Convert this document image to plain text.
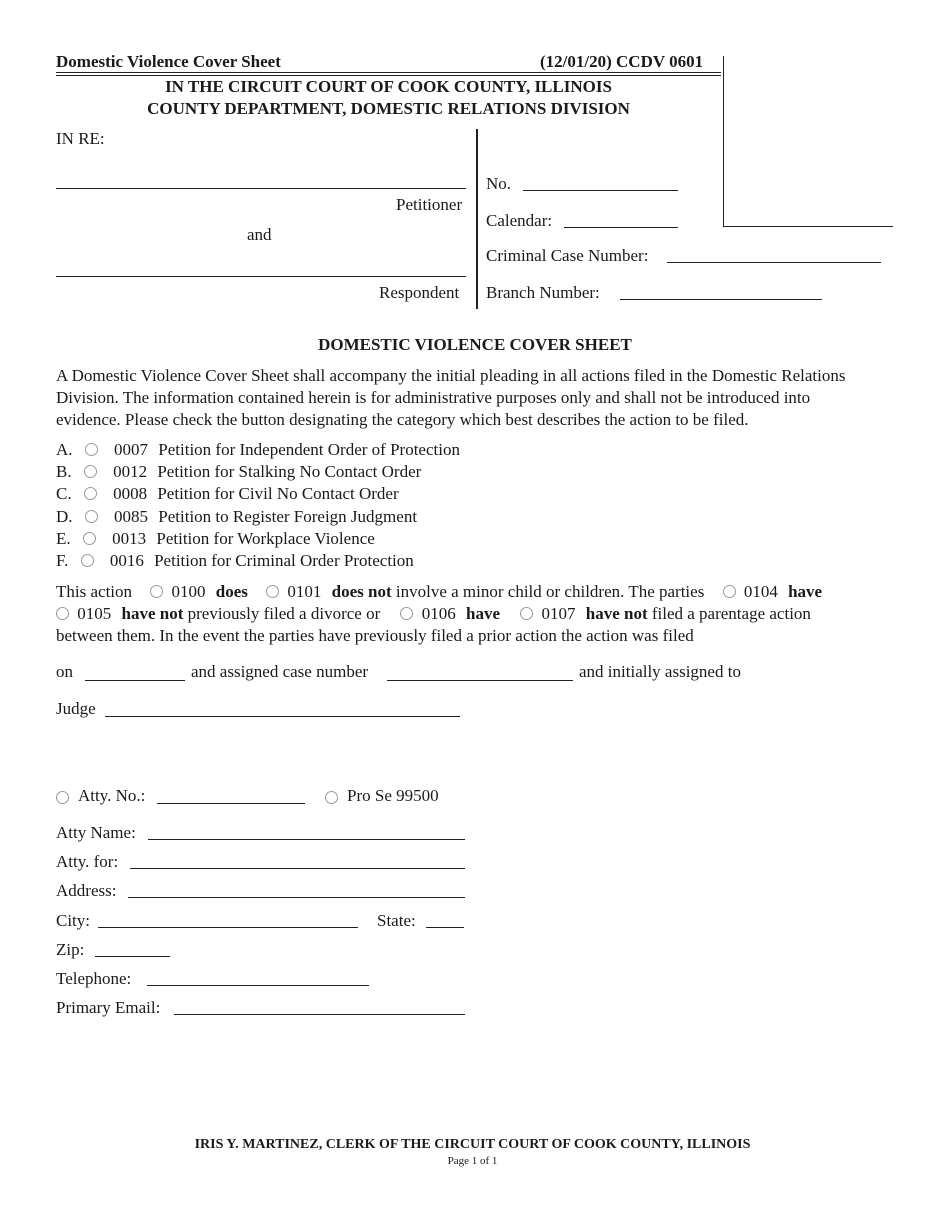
Domestic Violence Cover Sheet	(12/01/20) CCDV 0601
IN THE CIRCUIT COURT OF COOK COUNTY, ILLINOIS
COUNTY DEPARTMENT, DOMESTIC RELATIONS DIVISION
IN RE:
Petitioner
and
Respondent
No.
Calendar:
Criminal Case Number:
Branch Number:
DOMESTIC VIOLENCE COVER SHEET
A Domestic Violence Cover Sheet shall accompany the initial pleading in all actions filed in the Domestic Relations
Division. The information contained herein is for administrative purposes only and shall not be introduced into
evidence. Please check the button designating the category which best describes the action to be filed.
A. 0007 Petition for Independent Order of Protection
B. 0012 Petition for Stalking No Contact Order
C. 0008 Petition for Civil No Contact Order
D. 0085 Petition to Register Foreign Judgment
E. 0013 Petition for Workplace Violence
F. 0016 Petition for Criminal Order Protection
This action 0100 does 0101 does not involve a minor child or children. The parties 0104 have
0105 have not previously filed a divorce or 0106 have 0107 have not filed a parentage action
between them. In the event the parties have previously filed a prior action the action was filed
on	and assigned case number	and initially assigned to
Judge
Atty. No.:	Pro Se 99500
Atty Name:
Atty. for:
Address:
City:	State:
Zip:
Telephone:
Primary Email:
IRIS Y. MARTINEZ, CLERK OF THE CIRCUIT COURT OF COOK COUNTY, ILLINOIS
Page 1 of 1
